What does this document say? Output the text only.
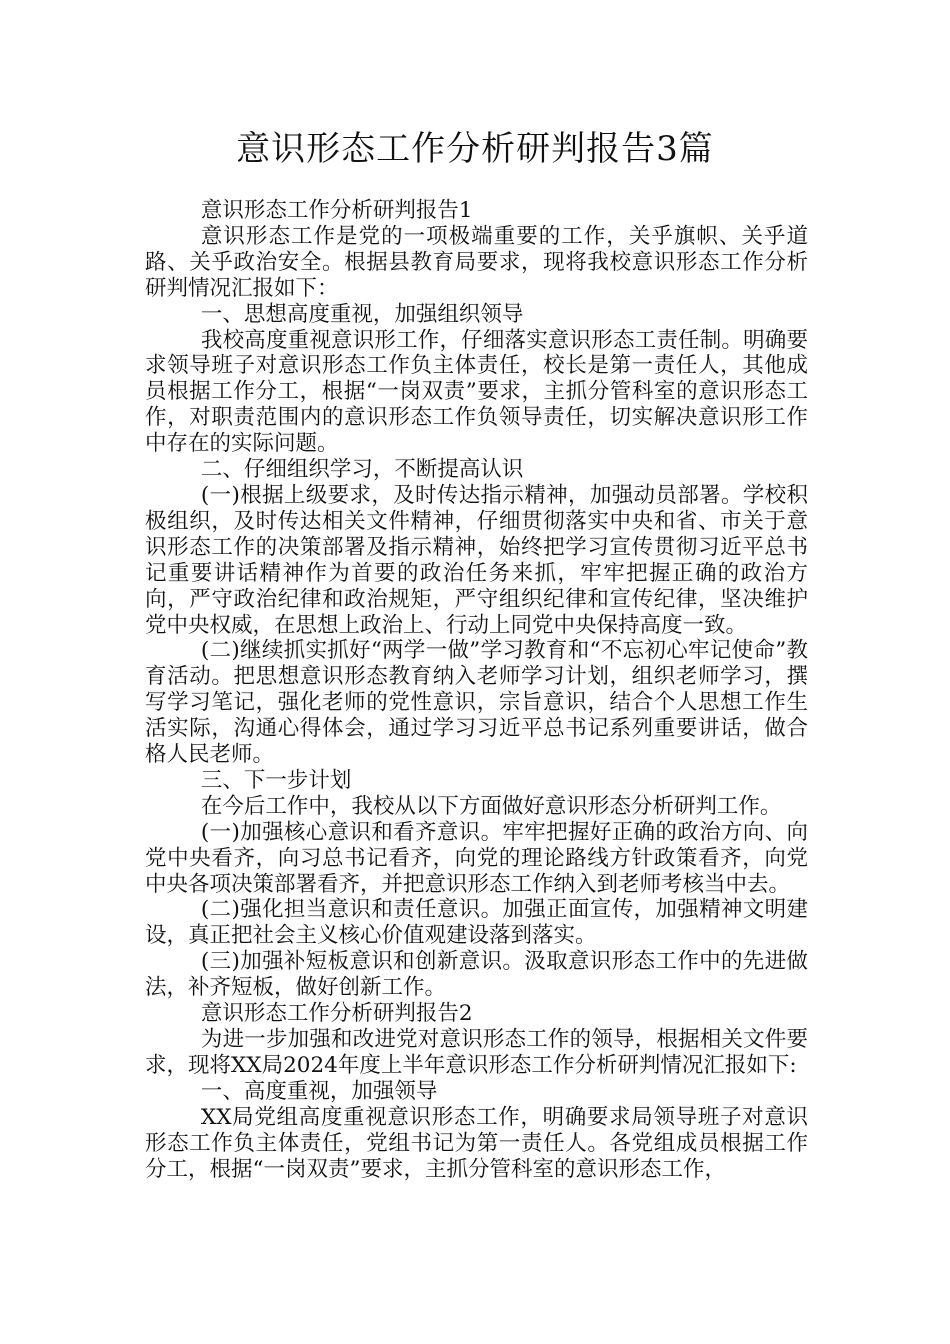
意识形态工作分析研判报告3篇

意识形态工作分析研判报告1

意识形态工作是党的一项极端重要的工作，关乎旗帜、关乎道路、关乎政治安全。根据县教育局要求，现将我校意识形态工作分析研判情况汇报如下：

一、思想高度重视，加强组织领导

我校高度重视意识形工作，仔细落实意识形态工责任制。明确要求领导班子对意识形态工作负主体责任，校长是第一责任人，其他成员根据工作分工，根据“一岗双责”要求，主抓分管科室的意识形态工作，对职责范围内的意识形态工作负领导责任，切实解决意识形工作中存在的实际问题。

二、仔细组织学习，不断提高认识

(一)根据上级要求，及时传达指示精神，加强动员部署。学校积极组织，及时传达相关文件精神，仔细贯彻落实中央和省、市关于意识形态工作的决策部署及指示精神，始终把学习宣传贯彻习近平总书记重要讲话精神作为首要的政治任务来抓，牢牢把握正确的政治方向，严守政治纪律和政治规矩，严守组织纪律和宣传纪律，坚决维护党中央权威，在思想上政治上、行动上同党中央保持高度一致。

(二)继续抓实抓好“两学一做”学习教育和“不忘初心牢记使命”教育活动。把思想意识形态教育纳入老师学习计划，组织老师学习，撰写学习笔记，强化老师的党性意识，宗旨意识，结合个人思想工作生活实际，沟通心得体会，通过学习习近平总书记系列重要讲话，做合格人民老师。

三、下一步计划

在今后工作中，我校从以下方面做好意识形态分析研判工作。

(一)加强核心意识和看齐意识。牢牢把握好正确的政治方向、向党中央看齐，向习总书记看齐，向党的理论路线方针政策看齐，向党中央各项决策部署看齐，并把意识形态工作纳入到老师考核当中去。

(二)强化担当意识和责任意识。加强正面宣传，加强精神文明建设，真正把社会主义核心价值观建设落到落实。

(三)加强补短板意识和创新意识。汲取意识形态工作中的先进做法，补齐短板，做好创新工作。

意识形态工作分析研判报告2

为进一步加强和改进党对意识形态工作的领导，根据相关文件要求，现将XX局2024年度上半年意识形态工作分析研判情况汇报如下:

一、高度重视，加强领导

XX局党组高度重视意识形态工作，明确要求局领导班子对意识形态工作负主体责任，党组书记为第一责任人。各党组成员根据工作分工，根据“一岗双责”要求，主抓分管科室的意识形态工作，
